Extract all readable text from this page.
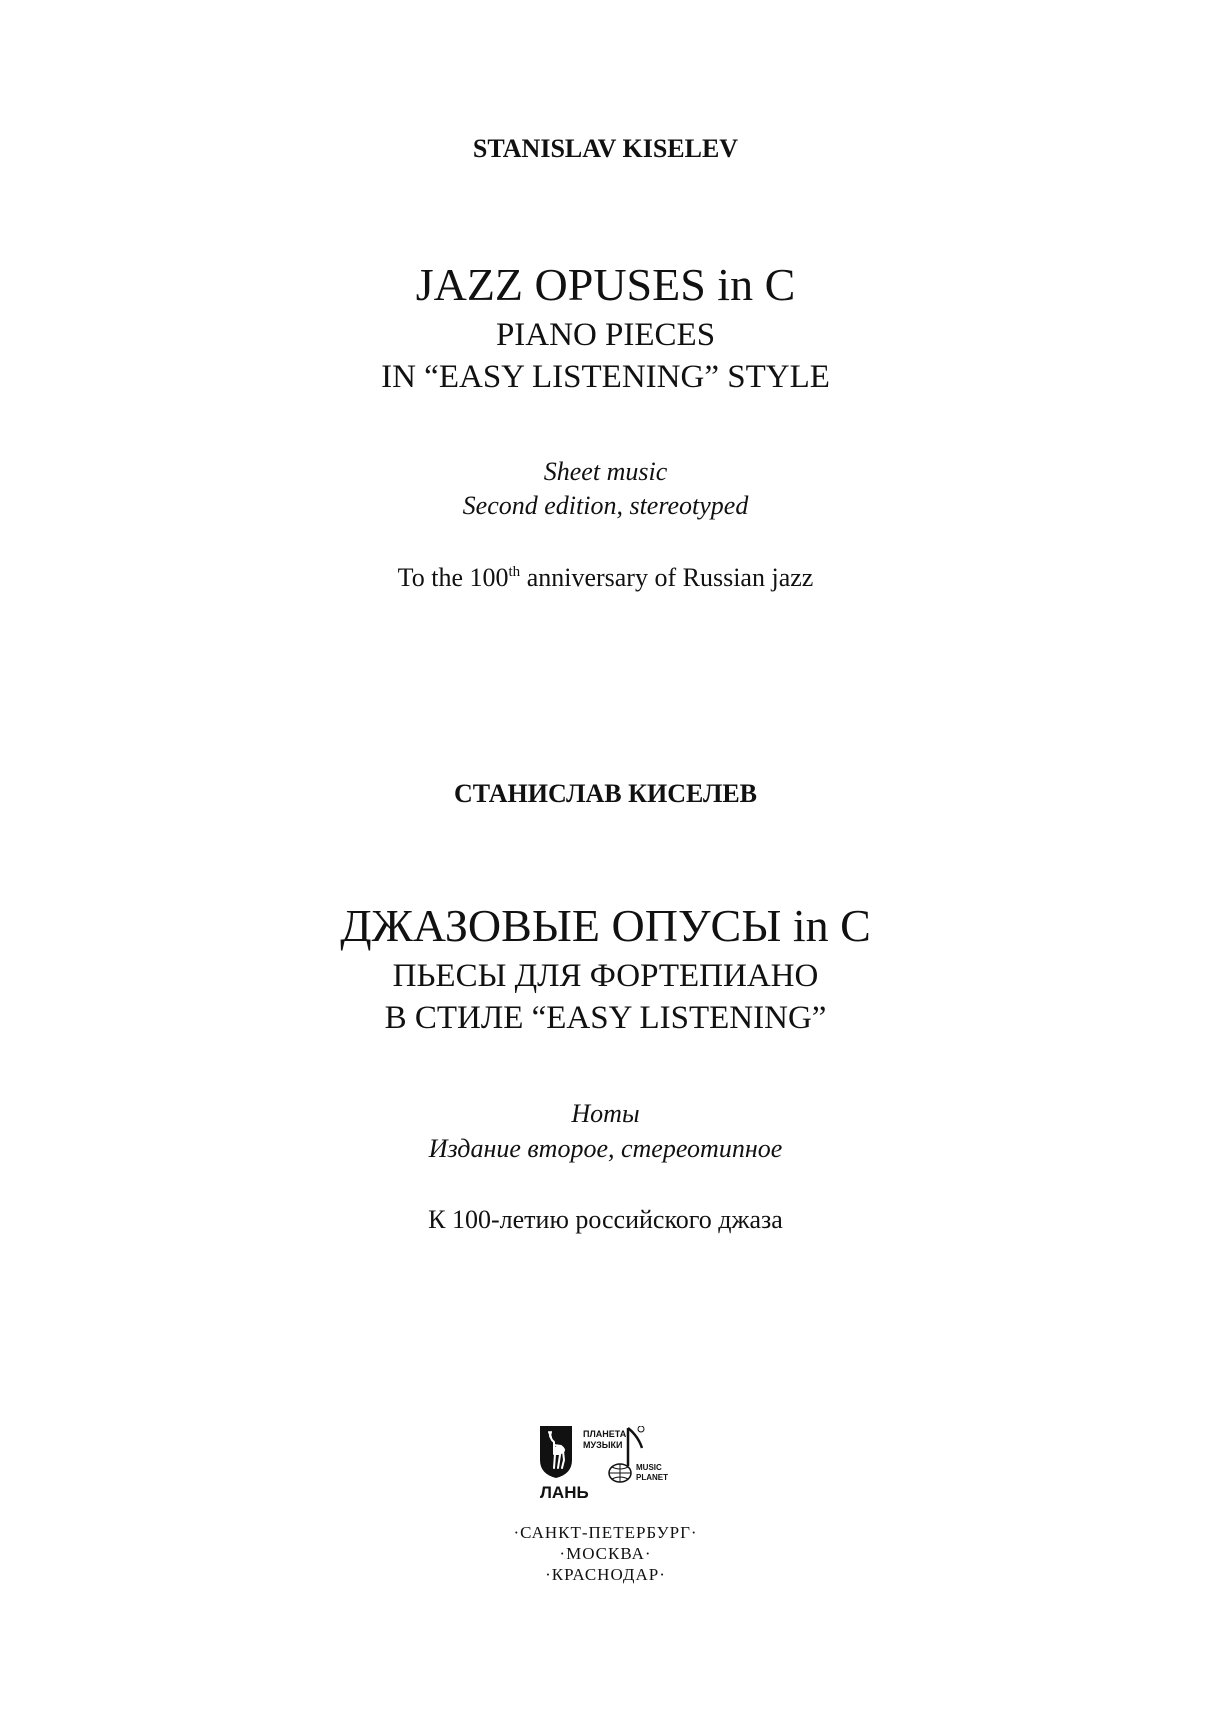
STANISLAV KISELEV
JAZZ OPUSES in C
PIANO PIECES
IN “EASY LISTENING” STYLE
Sheet music
Second edition, stereotyped
To the 100th anniversary of Russian jazz
СТАНИСЛАВ КИСЕЛЕВ
ДЖАЗОВЫЕ ОПУСЫ in C
ПЬЕСЫ ДЛЯ ФОРТЕПИАНО
В СТИЛЕ “EASY LISTENING”
Ноты
Издание второе, стереотипное
К 100-летию российского джаза
ЛАНЬ
ПЛАНЕТА
МУЗЫКИ
MUSIC
PLANET
·САНКТ-ПЕТЕРБУРГ·
·МОСКВА·
·КРАСНОДАР·
